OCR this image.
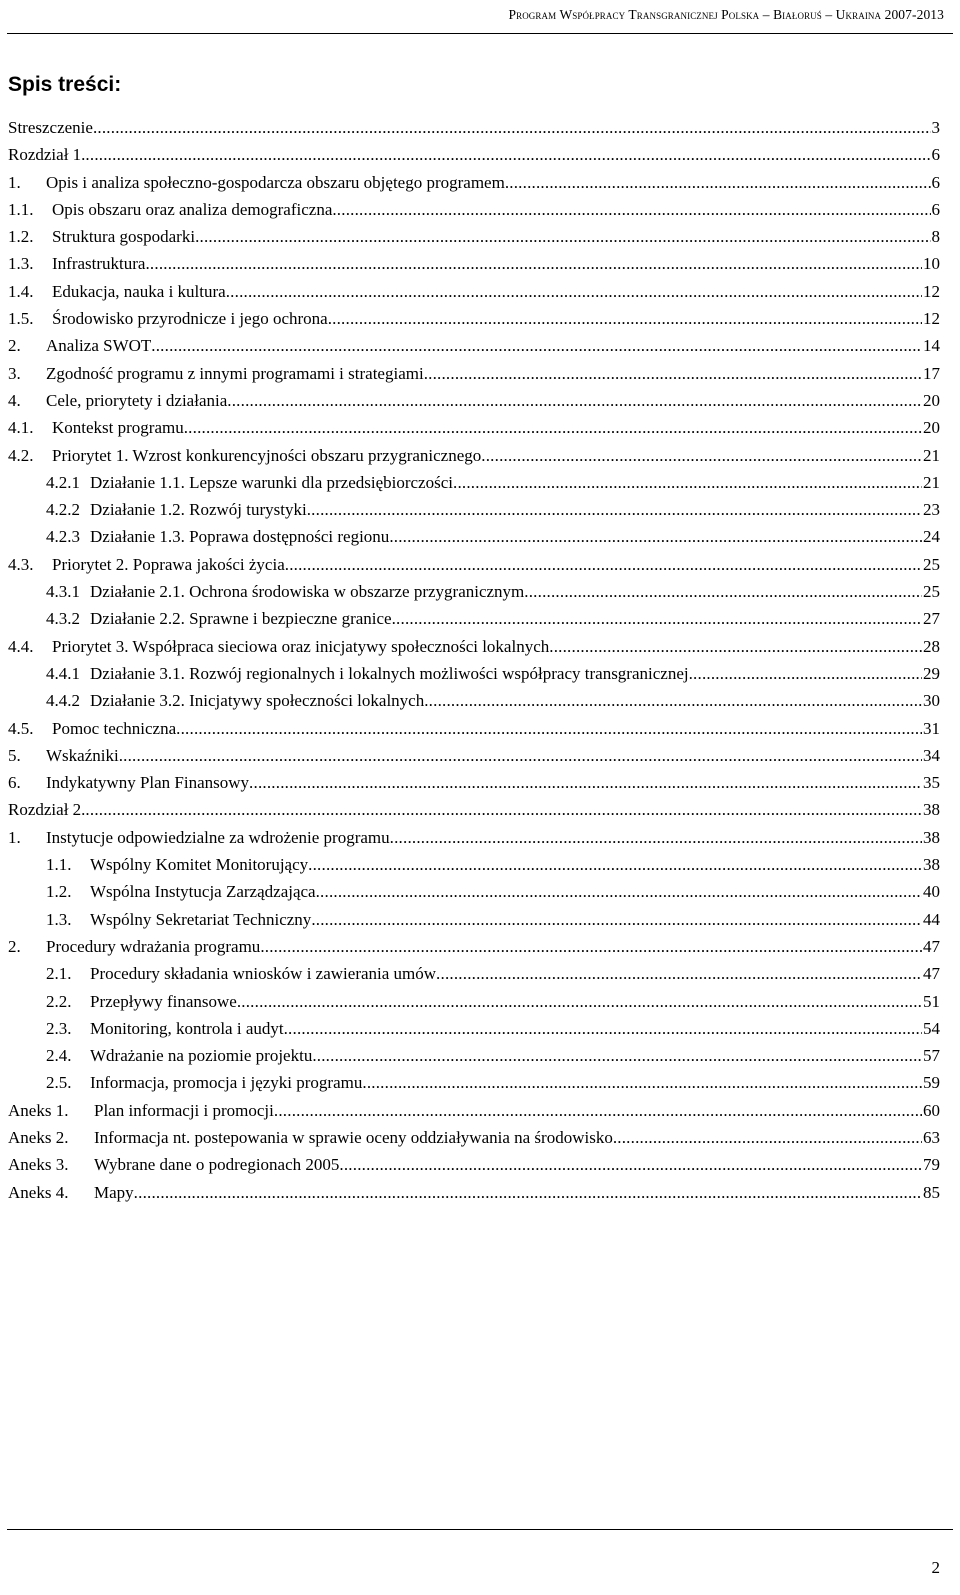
Program Współpracy Transgranicznej Polska – Białoruś – Ukraina 2007-2013
Spis treści:
Streszczenie .....	3
Rozdział 1. .....	6
1.	Opis i analiza społeczno-gospodarcza obszaru objętego programem .....	6
1.1.	Opis obszaru oraz analiza demograficzna .....	6
1.2.	Struktura gospodarki .....	8
1.3.	Infrastruktura .....	10
1.4.	Edukacja, nauka i kultura .....	12
1.5.	Środowisko przyrodnicze i jego ochrona .....	12
2.	Analiza SWOT .....	14
3.	Zgodność programu z innymi programami i strategiami .....	17
4.	Cele, priorytety i działania .....	20
4.1.	Kontekst programu .....	20
4.2.	Priorytet 1. Wzrost konkurencyjności obszaru przygranicznego .....	21
4.2.1 Działanie 1.1. Lepsze warunki dla przedsiębiorczości .....	21
4.2.2 Działanie 1.2. Rozwój turystyki .....	23
4.2.3 Działanie 1.3. Poprawa dostępności regionu .....	24
4.3.	Priorytet 2. Poprawa jakości życia .....	25
4.3.1 Działanie 2.1. Ochrona środowiska w obszarze przygranicznym .....	25
4.3.2 Działanie 2.2. Sprawne i bezpieczne granice .....	27
4.4.	Priorytet 3. Współpraca sieciowa oraz inicjatywy społeczności lokalnych .....	28
4.4.1 Działanie 3.1. Rozwój regionalnych i lokalnych możliwości współpracy transgranicznej .....	29
4.4.2 Działanie 3.2. Inicjatywy społeczności lokalnych .....	30
4.5.	Pomoc techniczna .....	31
5.	Wskaźniki .....	34
6.	Indykatywny Plan Finansowy .....	35
Rozdział 2. .....	38
1.	Instytucje odpowiedzialne za wdrożenie programu .....	38
1.1.	Wspólny Komitet Monitorujący .....	38
1.2.	Wspólna Instytucja Zarządzająca .....	40
1.3.	Wspólny Sekretariat Techniczny .....	44
2.	Procedury wdrażania programu .....	47
2.1.	Procedury składania wniosków i zawierania umów .....	47
2.2.	Przepływy finansowe .....	51
2.3.	Monitoring, kontrola i audyt .....	54
2.4.	Wdrażanie na poziomie projektu .....	57
2.5.	Informacja, promocja i języki programu .....	59
Aneks 1.	Plan informacji i promocji .....	60
Aneks 2.	Informacja nt. postepowania w sprawie oceny oddziaływania na środowisko .....	63
Aneks 3.	Wybrane dane o podregionach 2005 .....	79
Aneks 4.	Mapy .....	85
2
